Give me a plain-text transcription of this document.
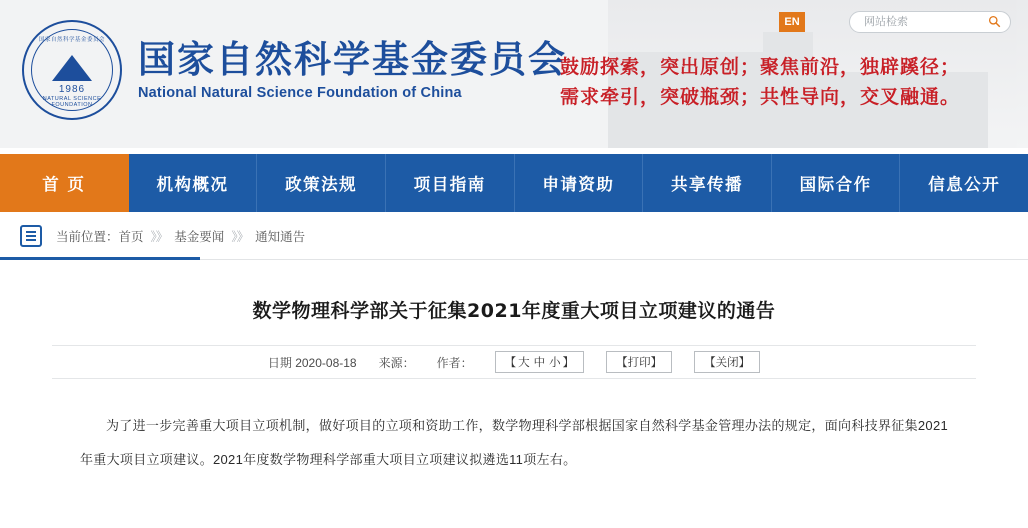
国家自然科学基金委员会
1986
NATURAL SCIENCE FOUNDATION
国家自然科学基金委员会
National Natural Science Foundation of China
鼓励探索，突出原创；聚焦前沿，独辟蹊径；
需求牵引，突破瓶颈；共性导向，交叉融通。
EN
网站检索
首 页	机构概况	政策法规	项目指南	申请资助	共享传播	国际合作	信息公开
当前位置：首页 》》 基金要闻 》》 通知通告
数学物理科学部关于征集2021年度重大项目立项建议的通告
日期 2020-08-18 来源： 作者：	【 大 中 小 】	【打印】	【关闭】
为了进一步完善重大项目立项机制，做好项目的立项和资助工作，数学物理科学部根据国家自然科学基金管理办法的规定，面向科技界征集2021年重大项目立项建议。2021年度数学物理科学部重大项目立项建议拟遴选11项左右。
